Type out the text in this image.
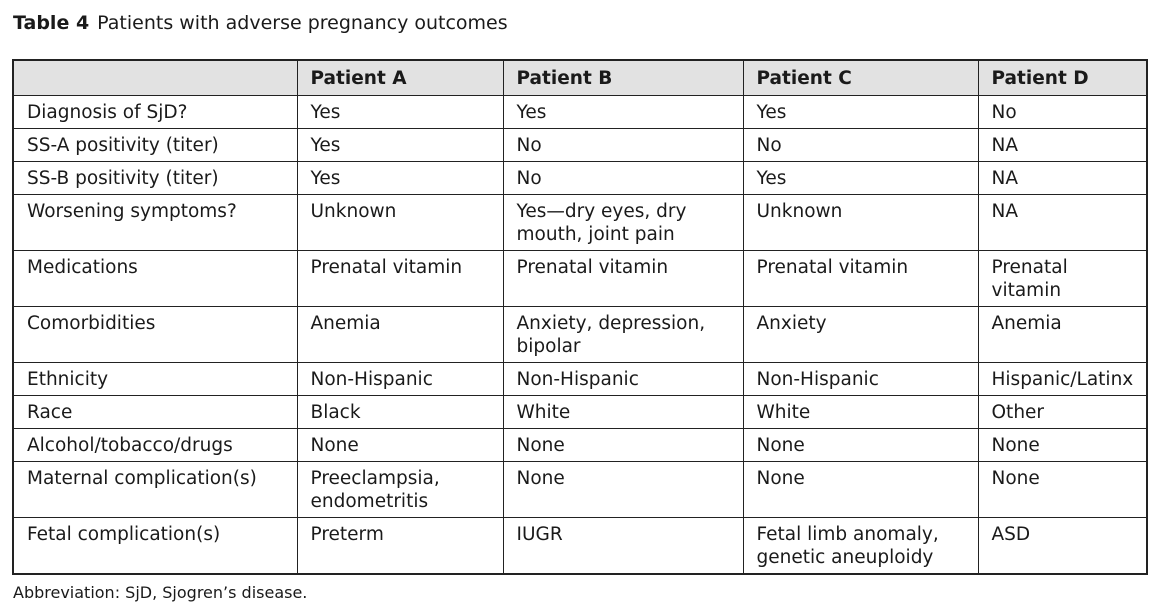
Table 4 Patients with adverse pregnancy outcomes
	Patient A	Patient B	Patient C	Patient D
Diagnosis of SjD?	Yes	Yes	Yes	No
SS-A positivity (titer)	Yes	No	No	NA
SS-B positivity (titer)	Yes	No	Yes	NA
Worsening symptoms?	Unknown	Yes—dry eyes, dry mouth, joint pain	Unknown	NA
Medications	Prenatal vitamin	Prenatal vitamin	Prenatal vitamin	Prenatal vitamin
Comorbidities	Anemia	Anxiety, depression, bipolar	Anxiety	Anemia
Ethnicity	Non-Hispanic	Non-Hispanic	Non-Hispanic	Hispanic/Latinx
Race	Black	White	White	Other
Alcohol/tobacco/drugs	None	None	None	None
Maternal complication(s)	Preeclampsia, endometritis	None	None	None
Fetal complication(s)	Preterm	IUGR	Fetal limb anomaly, genetic aneuploidy	ASD
Abbreviation: SjD, Sjogren’s disease.
